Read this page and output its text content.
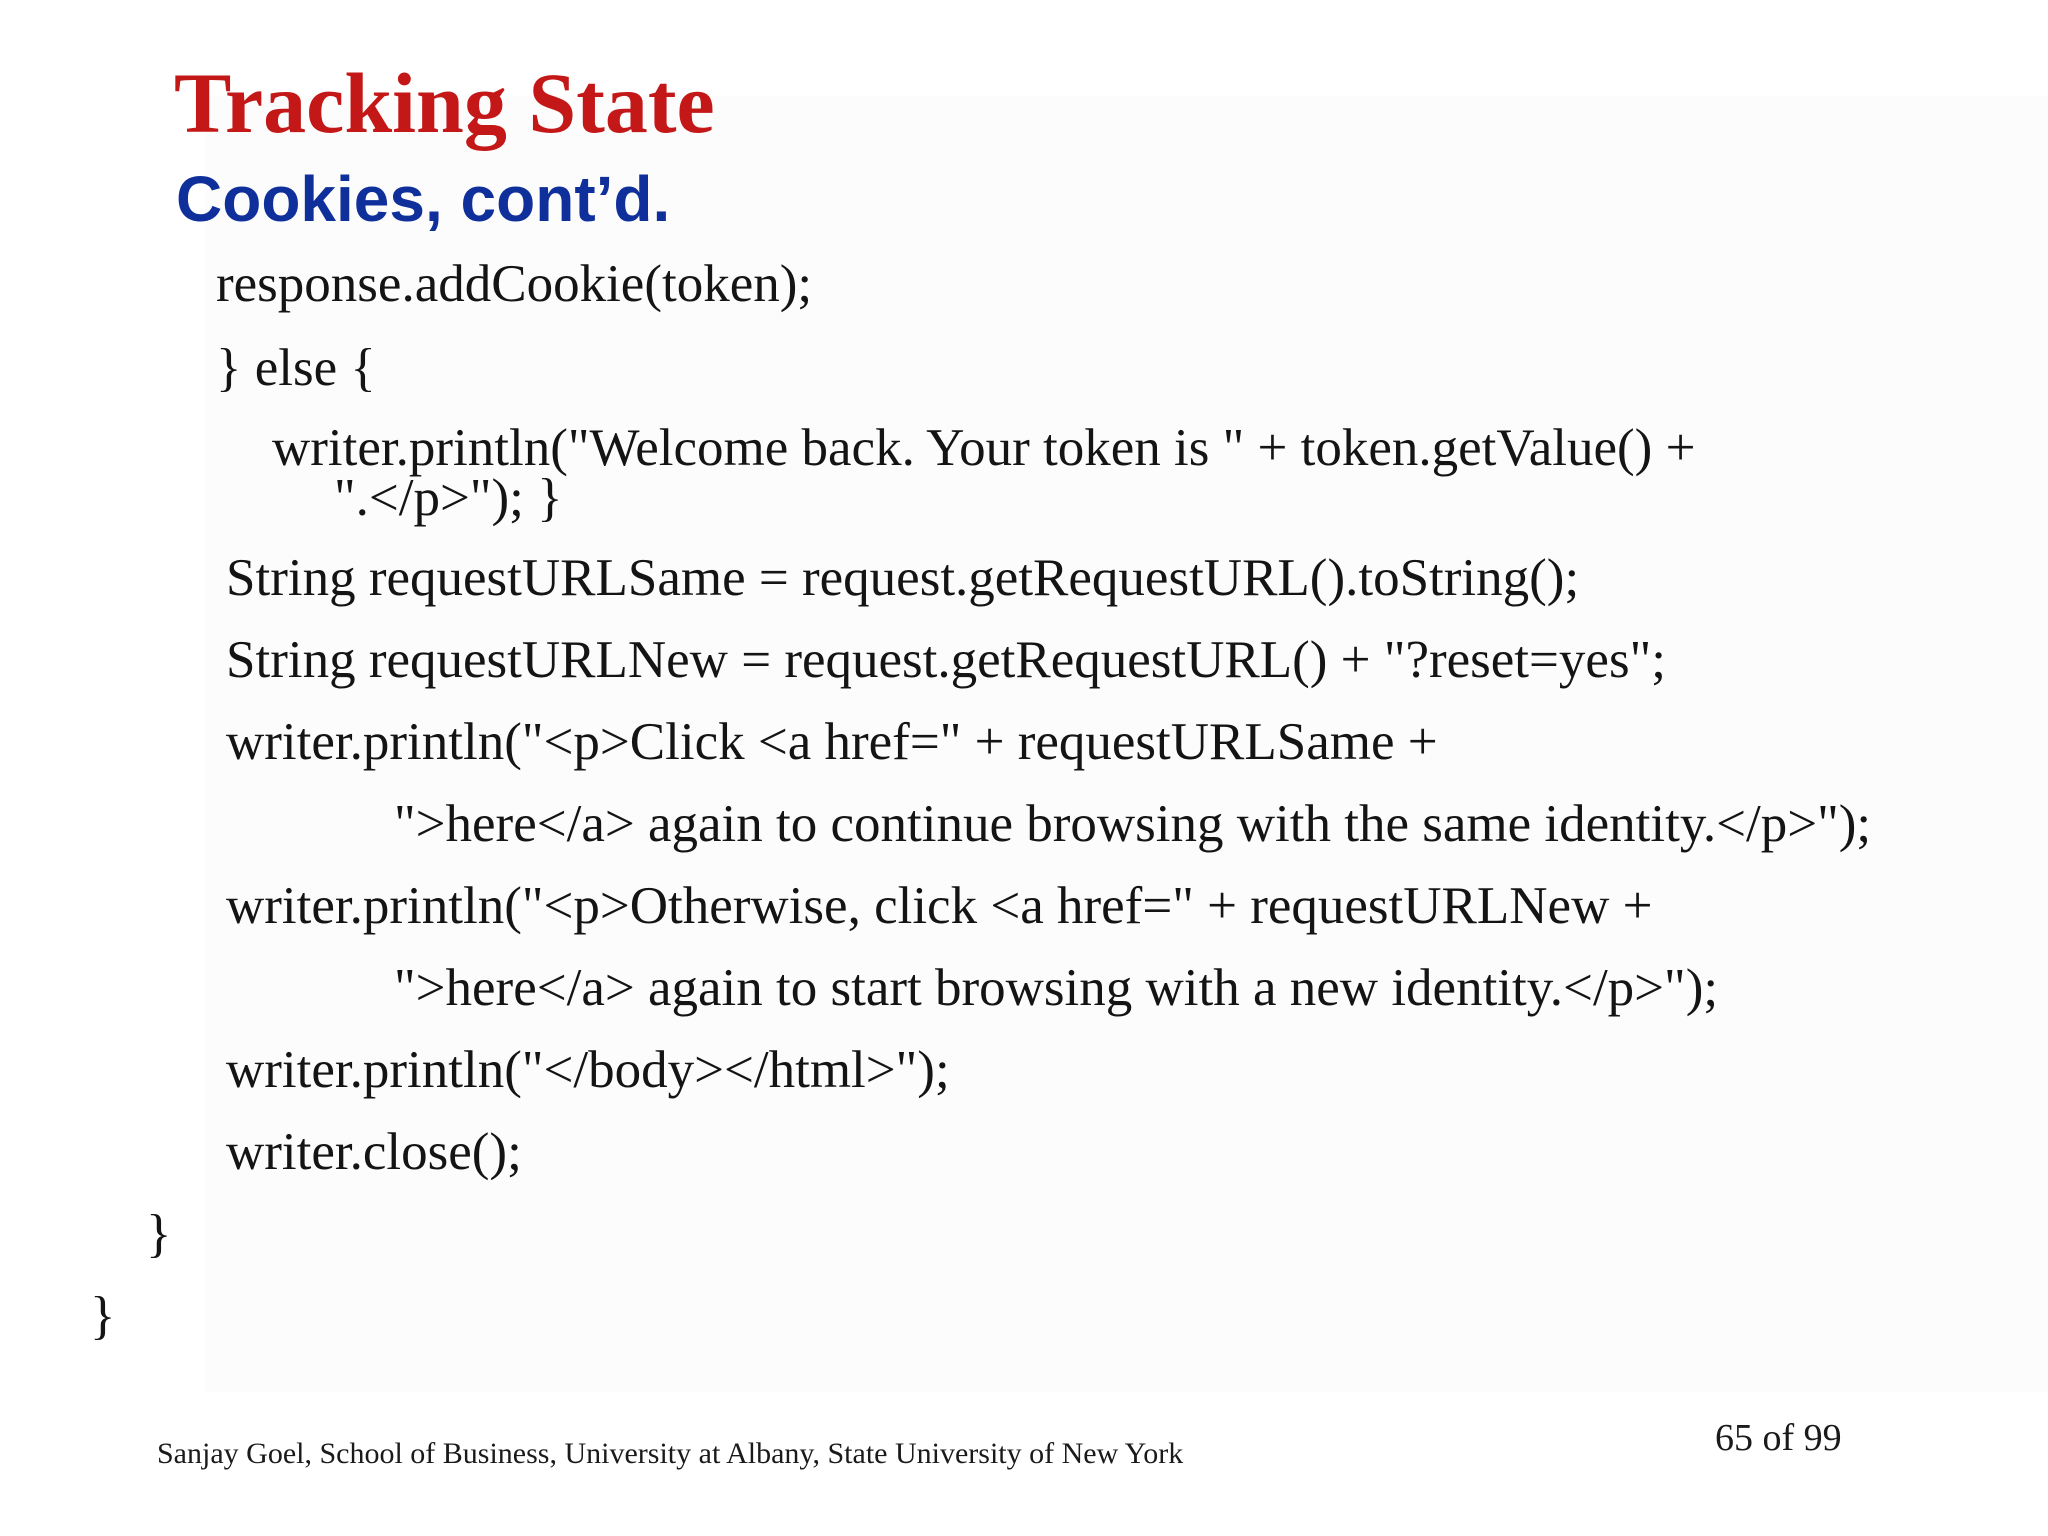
Tracking State
Cookies, cont’d.

response.addCookie(token);

} else {

writer.println("Welcome back. Your token is " + token.getValue() +

".</p>"); }

String requestURLSame = request.getRequestURL().toString();

String requestURLNew = request.getRequestURL() + "?reset=yes";

writer.println("<p>Click <a href=" + requestURLSame +

">here</a> again to continue browsing with the same identity.</p>");

writer.println("<p>Otherwise, click <a href=" + requestURLNew +

">here</a> again to start browsing with a new identity.</p>");

writer.println("</body></html>");

writer.close();

}

}

Sanjay Goel, School of Business, University at Albany, State University of New York	65 of 99
